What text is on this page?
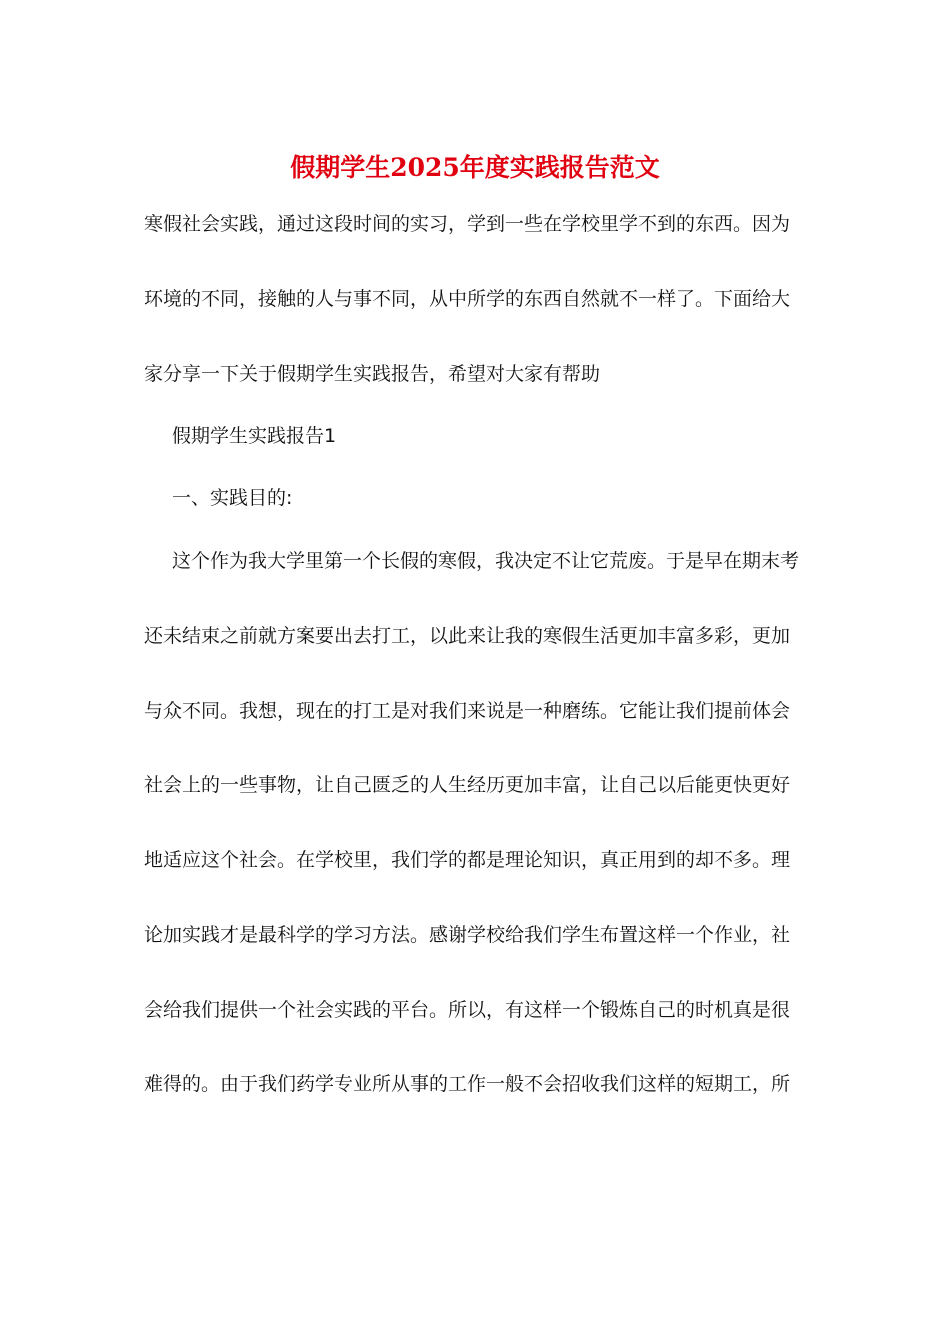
假期学生2025年度实践报告范文
寒假社会实践，通过这段时间的实习，学到一些在学校里学不到的东西。因为
环境的不同，接触的人与事不同，从中所学的东西自然就不一样了。下面给大
家分享一下关于假期学生实践报告，希望对大家有帮助
假期学生实践报告1
一、实践目的:
这个作为我大学里第一个长假的寒假，我决定不让它荒废。于是早在期末考
还未结束之前就方案要出去打工，以此来让我的寒假生活更加丰富多彩，更加
与众不同。我想，现在的打工是对我们来说是一种磨练。它能让我们提前体会
社会上的一些事物，让自己匮乏的人生经历更加丰富，让自己以后能更快更好
地适应这个社会。在学校里，我们学的都是理论知识，真正用到的却不多。理
论加实践才是最科学的学习方法。感谢学校给我们学生布置这样一个作业，社
会给我们提供一个社会实践的平台。所以，有这样一个锻炼自己的时机真是很
难得的。由于我们药学专业所从事的工作一般不会招收我们这样的短期工，所
